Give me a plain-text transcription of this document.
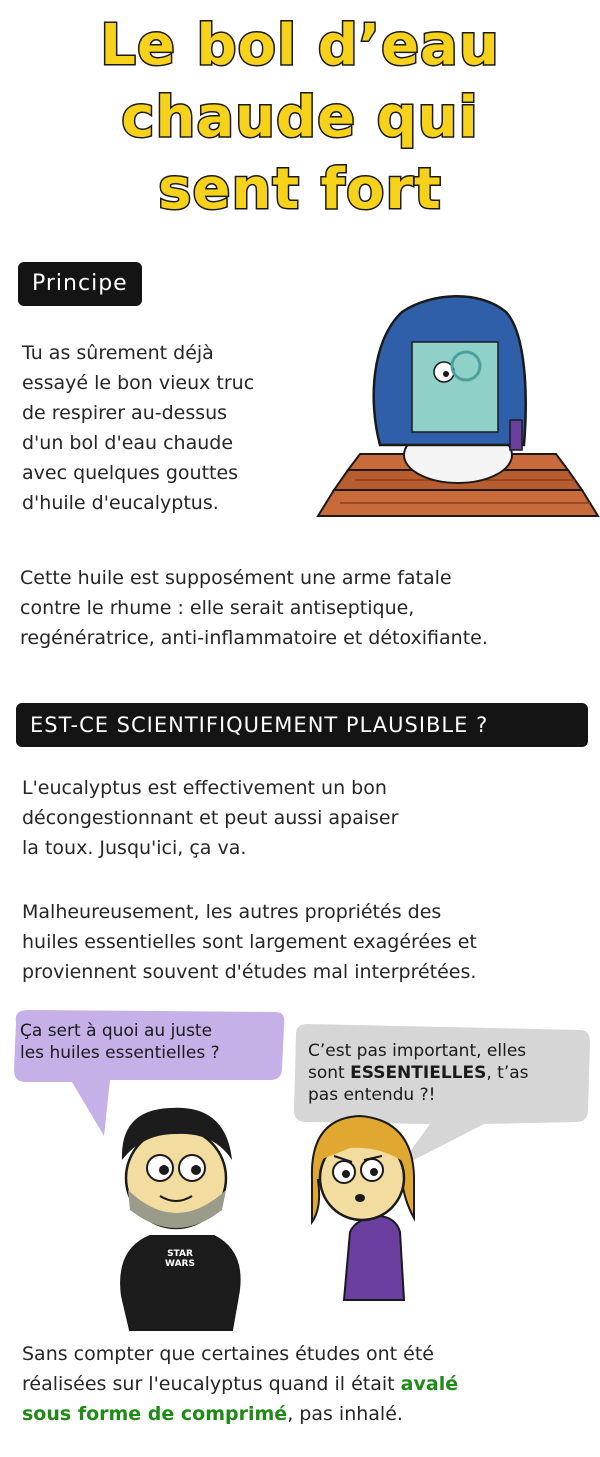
Le bol d’eau
chaude qui
sent fort
Principe
Tu as sûrement déjà
essayé le bon vieux truc
de respirer au-dessus
d'un bol d'eau chaude
avec quelques gouttes
d'huile d'eucalyptus.
Cette huile est supposément une arme fatale
contre le rhume : elle serait antiseptique,
regénératrice, anti-inflammatoire et détoxifiante.
EST-CE SCIENTIFIQUEMENT PLAUSIBLE ?
L'eucalyptus est effectivement un bon
décongestionnant et peut aussi apaiser
la toux. Jusqu'ici, ça va.
Malheureusement, les autres propriétés des
huiles essentielles sont largement exagérées et
proviennent souvent d'études mal interprétées.
STAR
WARS
Ça sert à quoi au juste
les huiles essentielles ?	C’est pas important, elles
sont ESSENTIELLES, t’as
pas entendu ?!
Sans compter que certaines études ont été
réalisées sur l'eucalyptus quand il était avalé
sous forme de comprimé, pas inhalé.
